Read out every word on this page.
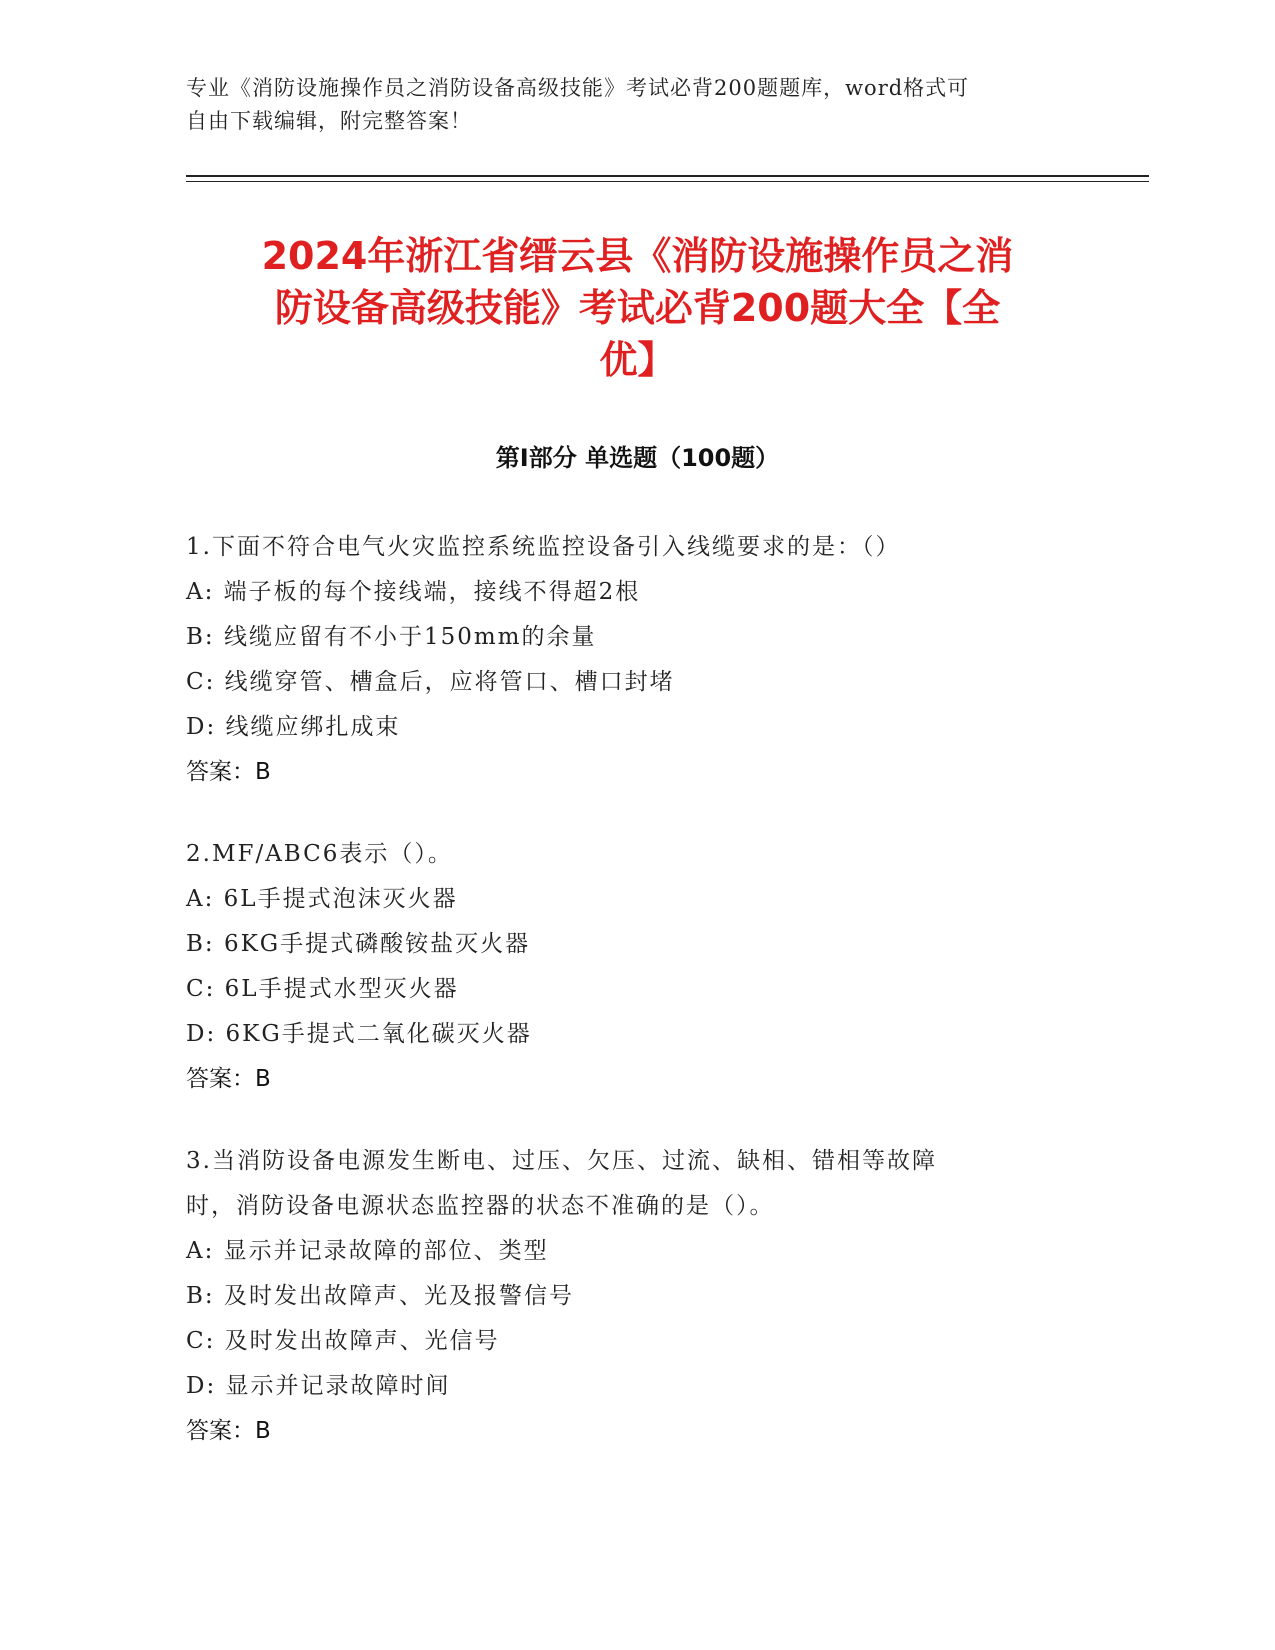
专业《消防设施操作员之消防设备高级技能》考试必背200题题库，word格式可
自由下载编辑，附完整答案！
2024年浙江省缙云县《消防设施操作员之消
防设备高级技能》考试必背200题大全【全
优】
第I部分 单选题（100题）
1.下面不符合电气火灾监控系统监控设备引入线缆要求的是：（）
A: 端子板的每个接线端，接线不得超2根
B: 线缆应留有不小于150mm的余量
C: 线缆穿管、槽盒后，应将管口、槽口封堵
D: 线缆应绑扎成束
答案：B
2.MF/ABC6表示（）。
A: 6L手提式泡沫灭火器
B: 6KG手提式磷酸铵盐灭火器
C: 6L手提式水型灭火器
D: 6KG手提式二氧化碳灭火器
答案：B
3.当消防设备电源发生断电、过压、欠压、过流、缺相、错相等故障
时，消防设备电源状态监控器的状态不准确的是（）。
A: 显示并记录故障的部位、类型
B: 及时发出故障声、光及报警信号
C: 及时发出故障声、光信号
D: 显示并记录故障时间
答案：B
